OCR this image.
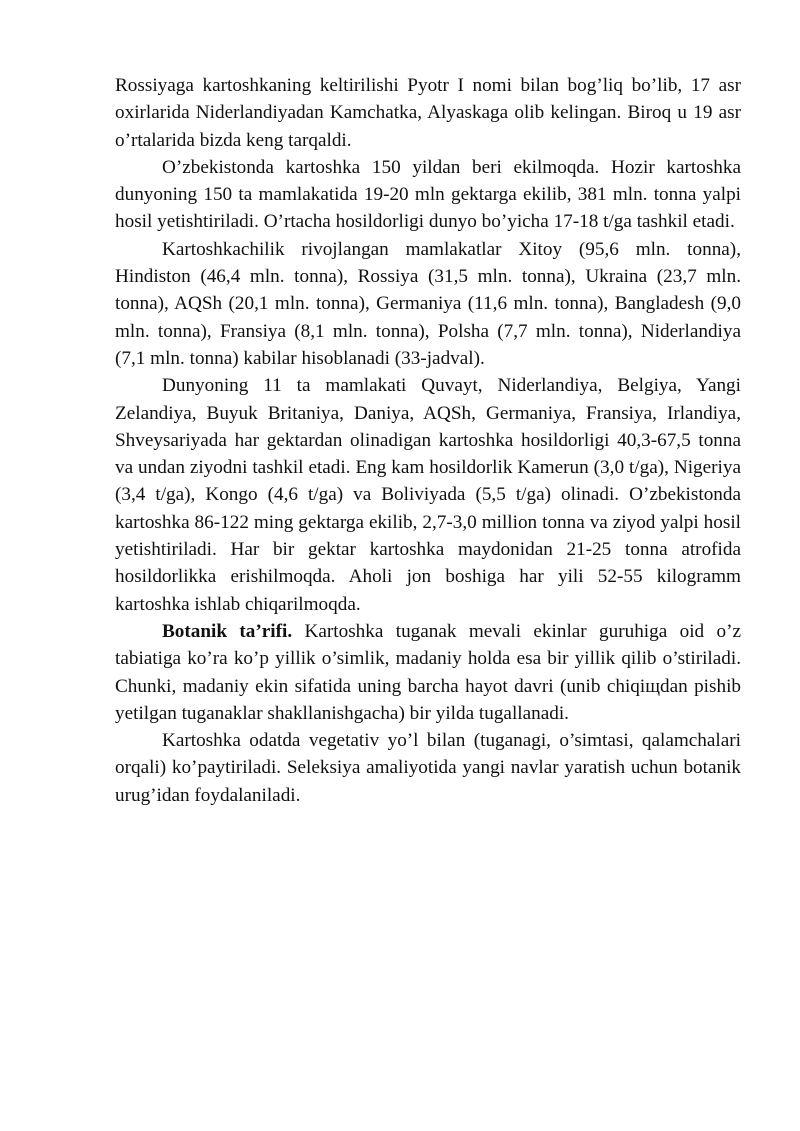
Rossiyaga kartoshkaning keltirilishi Pyotr I nomi bilan bog’liq bo’lib, 17 asr oxirlarida Niderlandiyadan Kamchatka, Alyaskaga olib kelingan. Biroq u 19 asr o’rtalarida bizda keng tarqaldi.

O’zbekistonda kartoshka 150 yildan beri ekilmoqda. Hozir kartoshka dunyoning 150 ta mamlakatida 19-20 mln gektarga ekilib, 381 mln. tonna yalpi hosil yetishtiriladi. O’rtacha hosildorligi dunyo bo’yicha 17-18 t/ga tashkil etadi.

Kartoshkachilik rivojlangan mamlakatlar Xitoy (95,6 mln. tonna), Hindiston (46,4 mln. tonna), Rossiya (31,5 mln. tonna), Ukraina (23,7 mln. tonna), AQSh (20,1 mln. tonna), Germaniya (11,6 mln. tonna), Bangladesh (9,0 mln. tonna), Fransiya (8,1 mln. tonna), Polsha (7,7 mln. tonna), Niderlandiya (7,1 mln. tonna) kabilar hisoblanadi (33-jadval).

Dunyoning 11 ta mamlakati Quvayt, Niderlandiya, Belgiya, Yangi Zelandiya, Buyuk Britaniya, Daniya, AQSh, Germaniya, Fransiya, Irlandiya, Shveysariyada har gektardan olinadigan kartoshka hosildorligi 40,3-67,5 tonna va undan ziyodni tashkil etadi. Eng kam hosildorlik Kamerun (3,0 t/ga), Nigeriya (3,4 t/ga), Kongo (4,6 t/ga) va Boliviyada (5,5 t/ga) olinadi. O’zbekistonda kartoshka 86-122 ming gektarga ekilib, 2,7-3,0 million tonna va ziyod yalpi hosil yetishtiriladi. Har bir gektar kartoshka maydonidan 21-25 tonna atrofida hosildorlikka erishilmoqda. Aholi jon boshiga har yili 52-55 kilogramm kartoshka ishlab chiqarilmoqda.

Botanik ta’rifi. Kartoshka tuganak mevali ekinlar guruhiga oid o’z tabiatiga ko’ra ko’p yillik o’simlik, madaniy holda esa bir yillik qilib o’stiriladi. Chunki, madaniy ekin sifatida uning barcha hayot davri (unib chiqiщdan pishib yetilgan tuganaklar shakllanishgacha) bir yilda tugallanadi.

Kartoshka odatda vegetativ yo’l bilan (tuganagi, o’simtasi, qalamchalari orqali) ko’paytiriladi. Seleksiya amaliyotida yangi navlar yaratish uchun botanik urug’idan foydalaniladi.
